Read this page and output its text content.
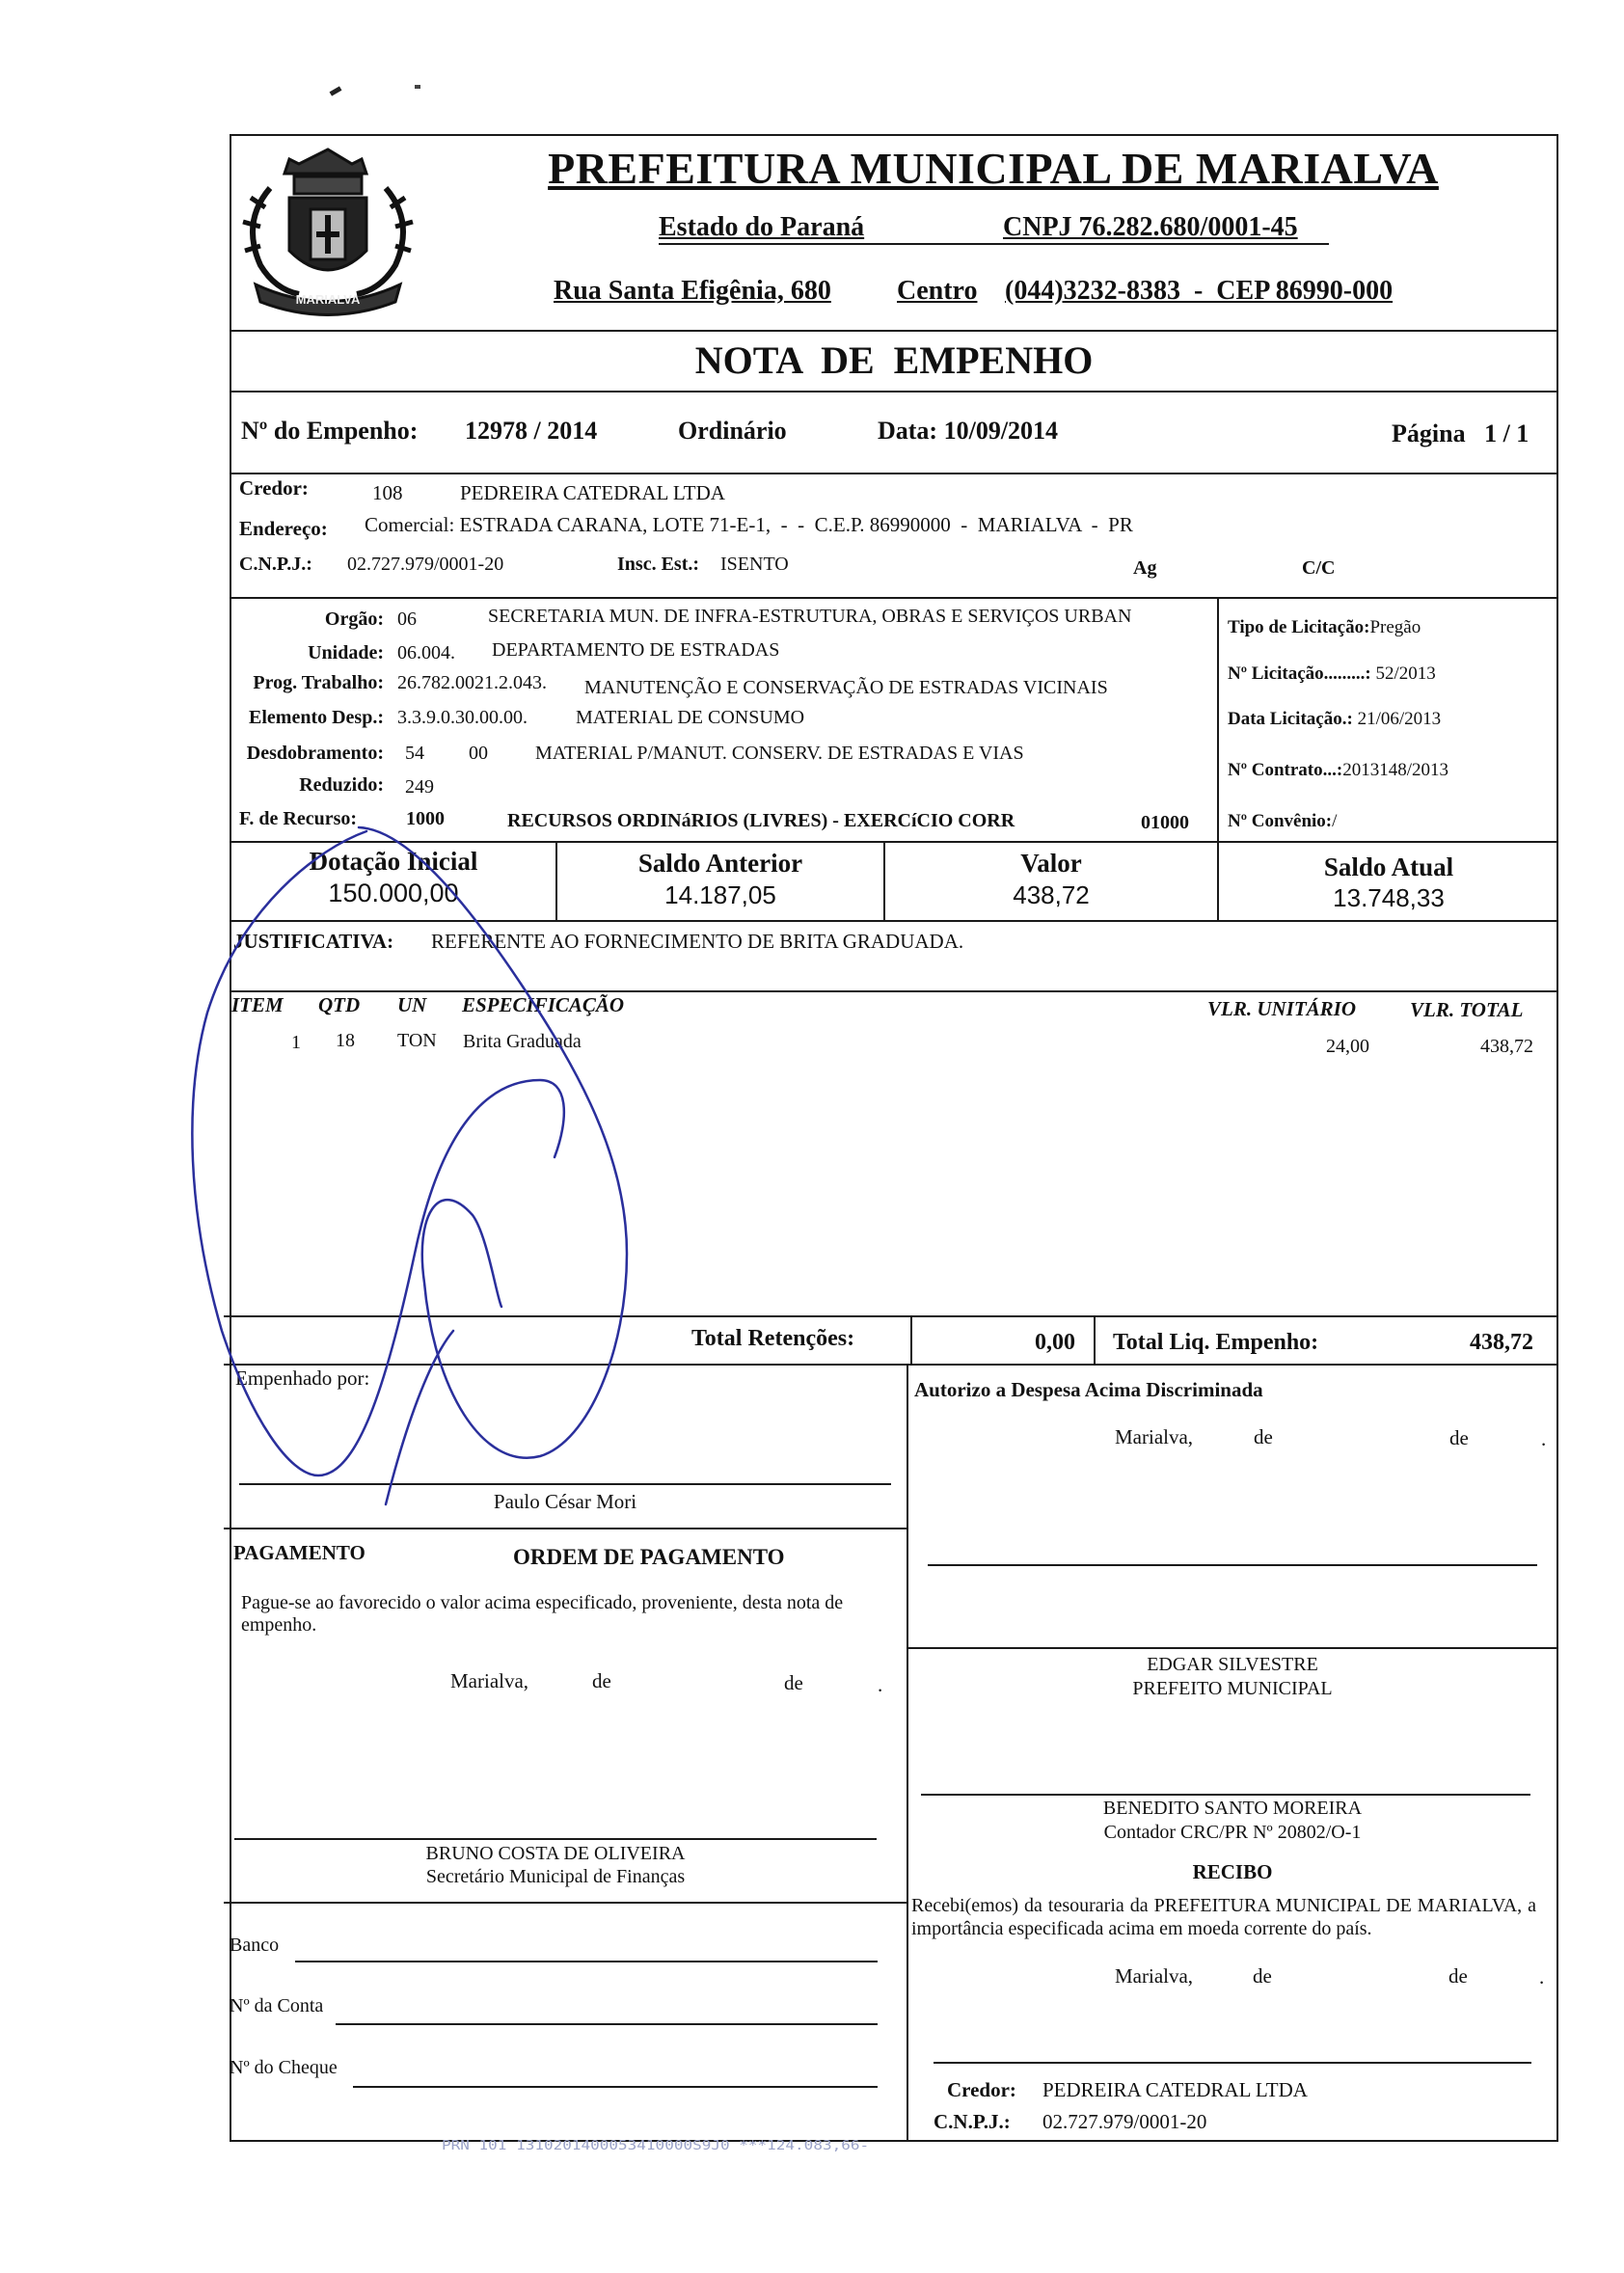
MARIALVA
PREFEITURA MUNICIPAL DE MARIALVA
Estado do Paraná	CNPJ 76.282.680/0001-45
Rua Santa Efigênia, 680 Centro (044)3232-8383  -  CEP 86990-000
NOTA  DE  EMPENHO
Nº do Empenho: 12978 / 2014	Ordinário	Data: 10/09/2014	Página   1 / 1
Credor:	108	PEDREIRA CATEDRAL LTDA
Endereço: Comercial: ESTRADA CARANA, LOTE 71-E-1,  -  -  C.E.P. 86990000  -  MARIALVA  -  PR
C.N.P.J.: 02.727.979/0001-20	Insc. Est.: ISENTO	Ag	C/C
Orgão: 06	SECRETARIA MUN. DE INFRA-ESTRUTURA, OBRAS E SERVIÇOS URBAN
Unidade: 06.004. DEPARTAMENTO DE ESTRADAS
Prog. Trabalho: 26.782.0021.2.043. MANUTENÇÃO E CONSERVAÇÃO DE ESTRADAS VICINAIS
Elemento Desp.: 3.3.9.0.30.00.00.	MATERIAL DE CONSUMO
Desdobramento: 54 00 MATERIAL P/MANUT. CONSERV. DE ESTRADAS E VIAS
Reduzido: 249
F. de Recurso:	1000	RECURSOS ORDINáRIOS (LIVRES) - EXERCíCIO CORR	01000
Tipo de Licitação:Pregão
Nº Licitação.........: 52/2013
Data Licitação.: 21/06/2013
Nº Contrato...:2013148/2013
Nº Convênio:/
Dotação Inicial
150.000,00
Saldo Anterior
14.187,05
Valor
438,72
Saldo Atual
13.748,33
JUSTIFICATIVA: REFERENTE AO FORNECIMENTO DE BRITA GRADUADA.
ITEM QTD UN ESPECIFICAÇÃO	VLR. UNITÁRIO	VLR. TOTAL
1 18 TON Brita Graduada	24,00	438,72
Total Retenções:	0,00 Total Liq. Empenho:	438,72
Empenhado por:
Paulo César Mori
PAGAMENTO	ORDEM DE PAGAMENTO
Pague-se ao favorecido o valor acima especificado, proveniente, desta nota de empenho.
Marialva,	de	de	.
BRUNO COSTA DE OLIVEIRA
Secretário Municipal de Finanças
Banco
Nº da Conta
Nº do Cheque
Autorizo a Despesa Acima Discriminada
Marialva,	de	de	.
EDGAR SILVESTRE
PREFEITO MUNICIPAL
BENEDITO SANTO MOREIRA
Contador CRC/PR Nº 20802/O-1
RECIBO
Recebi(emos) da tesouraria da PREFEITURA MUNICIPAL DE MARIALVA, a importância especificada acima em moeda corrente do país.
Marialva,	de	de	.
Credor: PEDREIRA CATEDRAL LTDA
C.N.P.J.: 02.727.979/0001-20
PRN 101 1310201400053410000S9J0 ***124.083,66-
